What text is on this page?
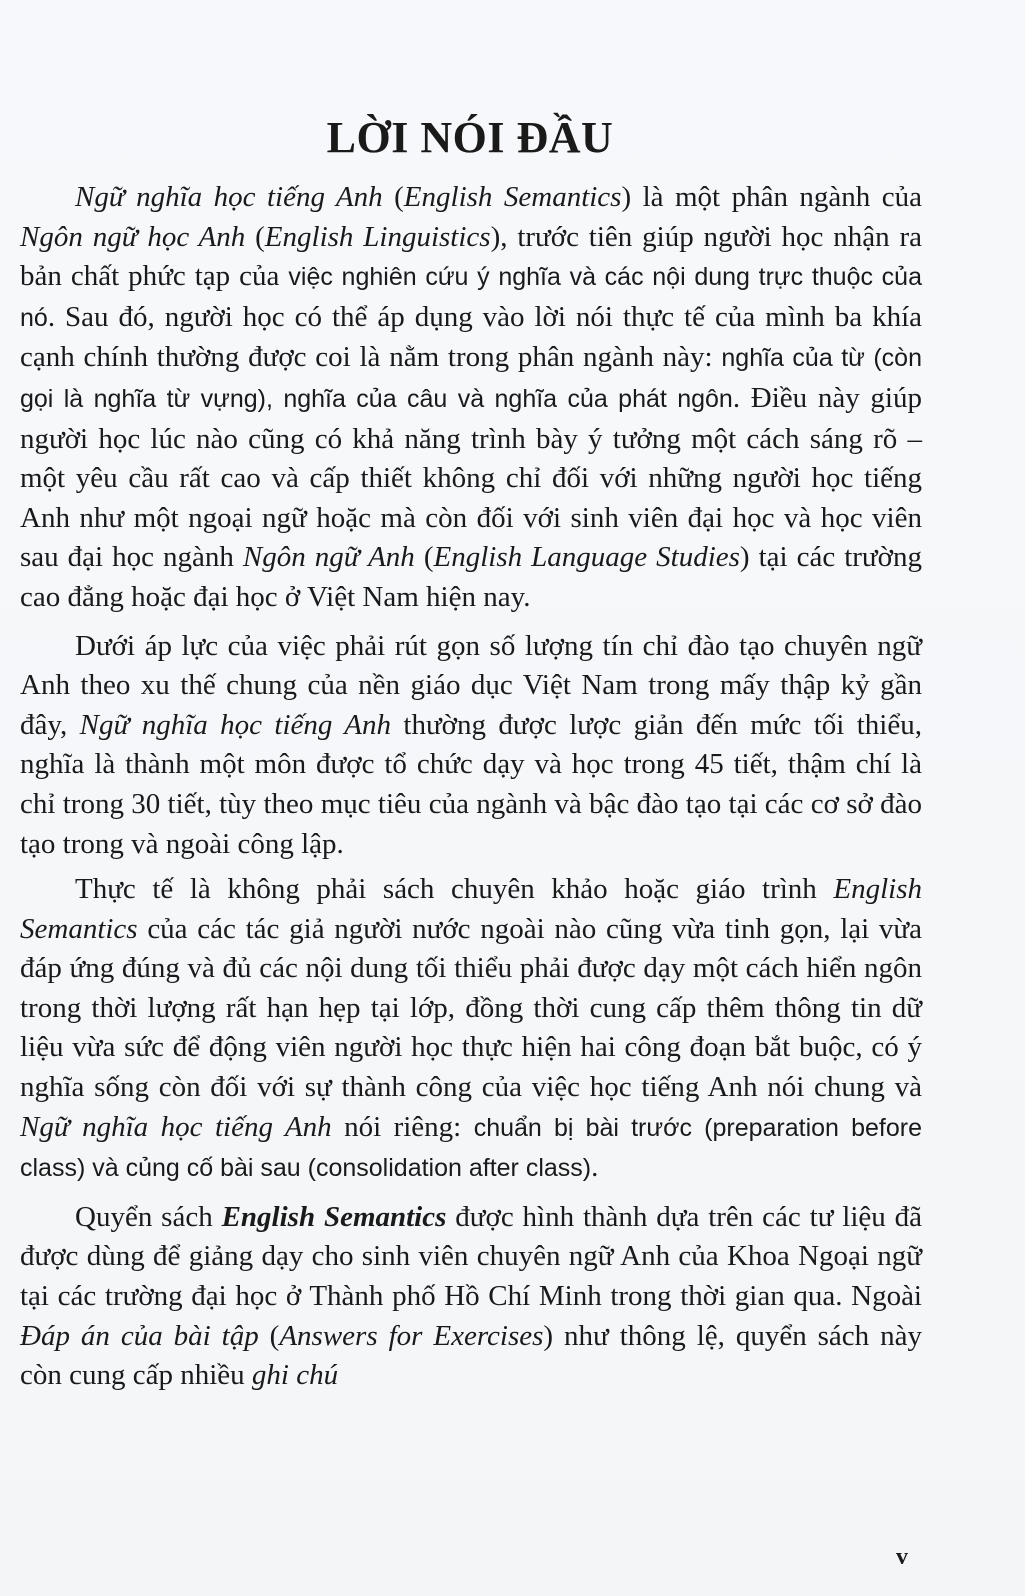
LỜI NÓI ĐẦU

Ngữ nghĩa học tiếng Anh (English Semantics) là một phân ngành của Ngôn ngữ học Anh (English Linguistics), trước tiên giúp người học nhận ra bản chất phức tạp của việc nghiên cứu ý nghĩa và các nội dung trực thuộc của nó. Sau đó, người học có thể áp dụng vào lời nói thực tế của mình ba khía cạnh chính thường được coi là nằm trong phân ngành này: nghĩa của từ (còn gọi là nghĩa từ vựng), nghĩa của câu và nghĩa của phát ngôn. Điều này giúp người học lúc nào cũng có khả năng trình bày ý tưởng một cách sáng rõ – một yêu cầu rất cao và cấp thiết không chỉ đối với những người học tiếng Anh như một ngoại ngữ hoặc mà còn đối với sinh viên đại học và học viên sau đại học ngành Ngôn ngữ Anh (English Language Studies) tại các trường cao đẳng hoặc đại học ở Việt Nam hiện nay.

Dưới áp lực của việc phải rút gọn số lượng tín chỉ đào tạo chuyên ngữ Anh theo xu thế chung của nền giáo dục Việt Nam trong mấy thập kỷ gần đây, Ngữ nghĩa học tiếng Anh thường được lược giản đến mức tối thiểu, nghĩa là thành một môn được tổ chức dạy và học trong 45 tiết, thậm chí là chỉ trong 30 tiết, tùy theo mục tiêu của ngành và bậc đào tạo tại các cơ sở đào tạo trong và ngoài công lập.

Thực tế là không phải sách chuyên khảo hoặc giáo trình English Semantics của các tác giả người nước ngoài nào cũng vừa tinh gọn, lại vừa đáp ứng đúng và đủ các nội dung tối thiểu phải được dạy một cách hiển ngôn trong thời lượng rất hạn hẹp tại lớp, đồng thời cung cấp thêm thông tin dữ liệu vừa sức để động viên người học thực hiện hai công đoạn bắt buộc, có ý nghĩa sống còn đối với sự thành công của việc học tiếng Anh nói chung và Ngữ nghĩa học tiếng Anh nói riêng: chuẩn bị bài trước (preparation before class) và củng cố bài sau (consolidation after class).

Quyển sách English Semantics được hình thành dựa trên các tư liệu đã được dùng để giảng dạy cho sinh viên chuyên ngữ Anh của Khoa Ngoại ngữ tại các trường đại học ở Thành phố Hồ Chí Minh trong thời gian qua. Ngoài Đáp án của bài tập (Answers for Exercises) như thông lệ, quyển sách này còn cung cấp nhiều ghi chú

v
